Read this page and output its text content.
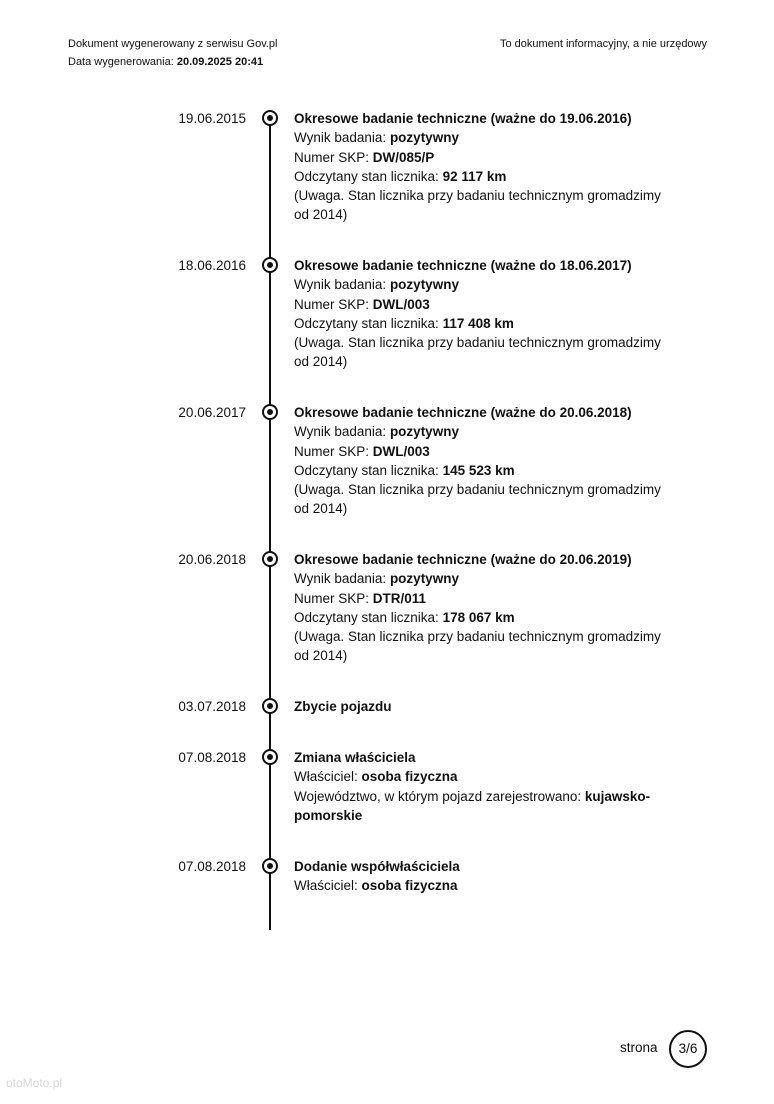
Dokument wygenerowany z serwisu Gov.pl
Data wygenerowania: 20.09.2025 20:41
To dokument informacyjny, a nie urzędowy
19.06.2015	Okresowe badanie techniczne (ważne do 19.06.2016)
Wynik badania: pozytywny
Numer SKP: DW/085/P
Odczytany stan licznika: 92 117 km
(Uwaga. Stan licznika przy badaniu technicznym gromadzimy od 2014)
18.06.2016	Okresowe badanie techniczne (ważne do 18.06.2017)
Wynik badania: pozytywny
Numer SKP: DWL/003
Odczytany stan licznika: 117 408 km
(Uwaga. Stan licznika przy badaniu technicznym gromadzimy od 2014)
20.06.2017	Okresowe badanie techniczne (ważne do 20.06.2018)
Wynik badania: pozytywny
Numer SKP: DWL/003
Odczytany stan licznika: 145 523 km
(Uwaga. Stan licznika przy badaniu technicznym gromadzimy od 2014)
20.06.2018	Okresowe badanie techniczne (ważne do 20.06.2019)
Wynik badania: pozytywny
Numer SKP: DTR/011
Odczytany stan licznika: 178 067 km
(Uwaga. Stan licznika przy badaniu technicznym gromadzimy od 2014)
03.07.2018	Zbycie pojazdu
07.08.2018	Zmiana właściciela
Właściciel: osoba fizyczna
Województwo, w którym pojazd zarejestrowano: kujawsko-pomorskie
07.08.2018	Dodanie współwłaściciela
Właściciel: osoba fizyczna
strona	3/6
otoMoto.pl
